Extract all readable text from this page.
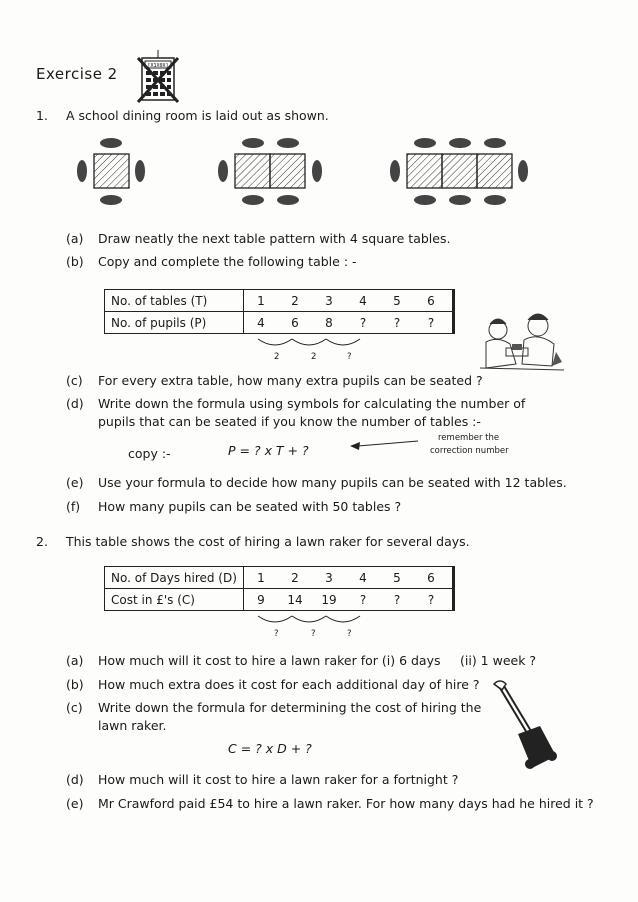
Exercise 2	[X1X0X]
1. A school dining room is laid out as shown.
(a) Draw neatly the next table pattern with 4 square tables.
(b) Copy and complete the following table : -
No. of tables (T)	1 2 3 4 5 6
No. of pupils (P)	4 6 8 ? ? ?
2	2	?
(c) For every extra table, how many extra pupils can be seated ?
(d) Write down the formula using symbols for calculating the number of
pupils that can be seated if you know the number of tables :-
copy :-	P = ? x T + ?
remember the
correction number
(e) Use your formula to decide how many pupils can be seated with 12 tables.
(f) How many pupils can be seated with 50 tables ?
2. This table shows the cost of hiring a lawn raker for several days.
No. of Days hired (D)	1 2 3 4 5 6
Cost in £'s (C)	9 14 19 ? ? ?
?	?	?
(a) How much will it cost to hire a lawn raker for (i) 6 days (ii) 1 week ?
(b) How much extra does it cost for each additional day of hire ?
(c) Write down the formula for determining the cost of hiring the
lawn raker.
C = ? x D + ?
(d) How much will it cost to hire a lawn raker for a fortnight ?
(e) Mr Crawford paid £54 to hire a lawn raker. For how many days had he hired it ?
